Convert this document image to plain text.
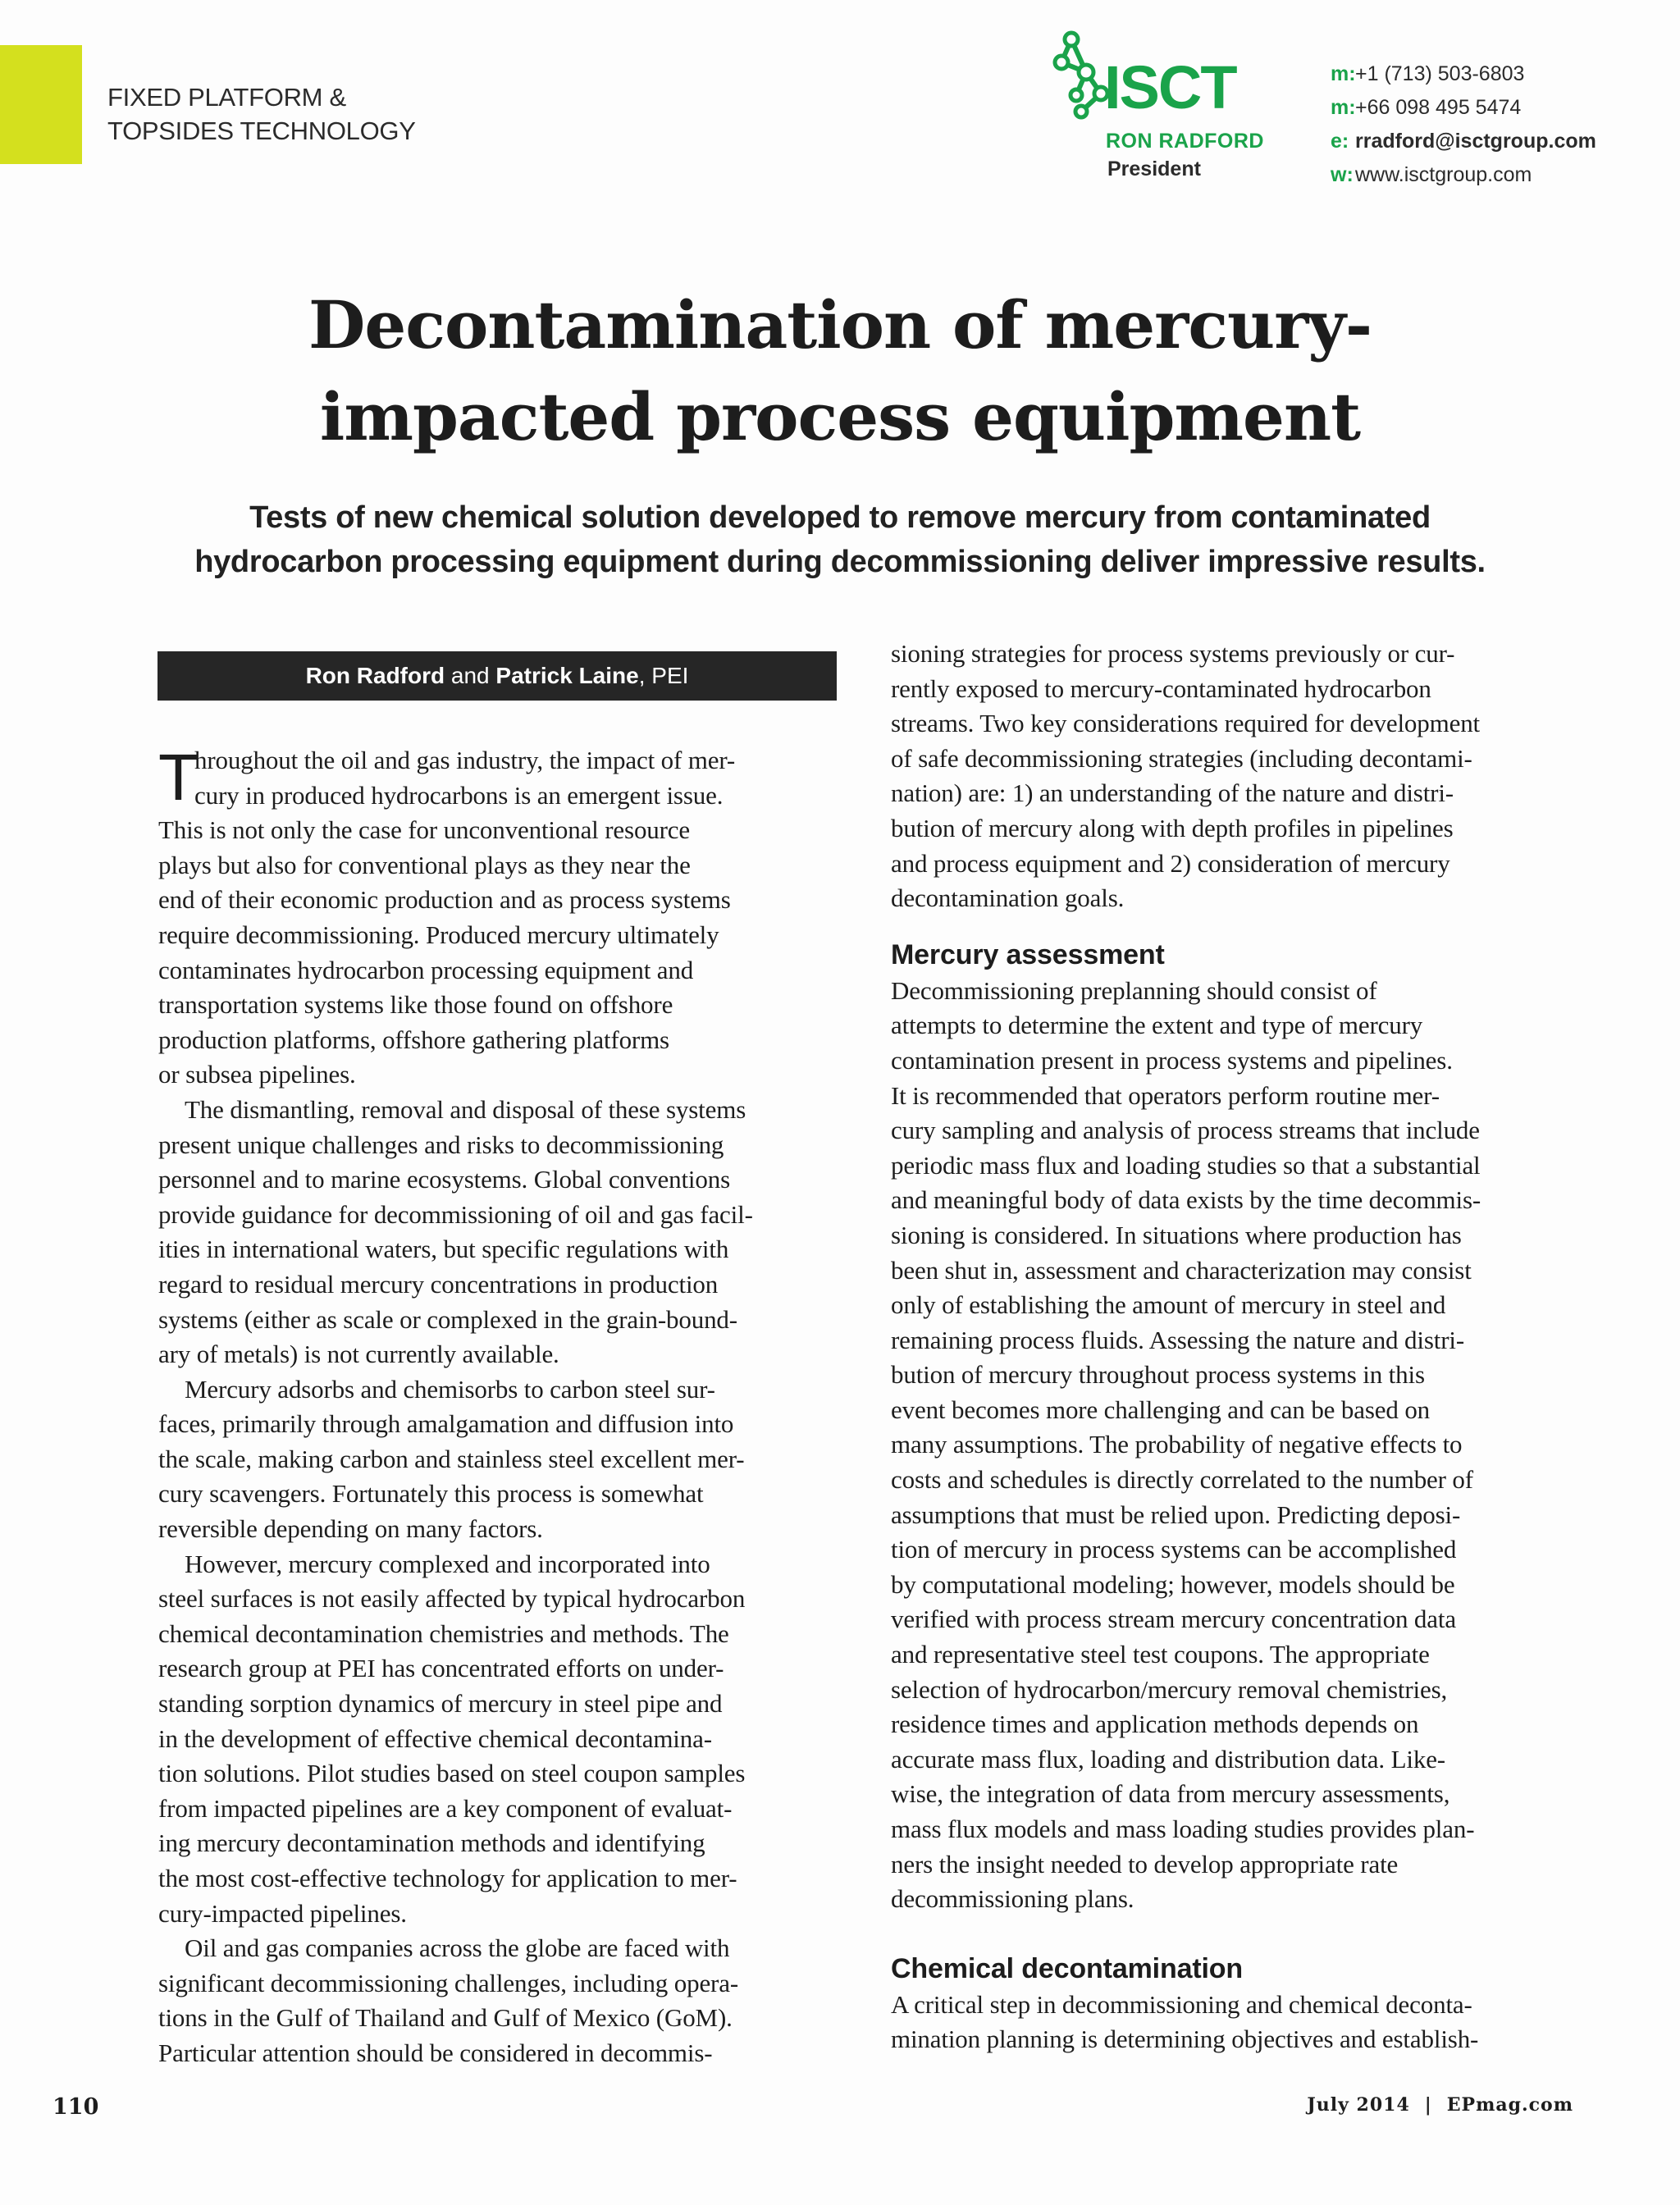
FIXED PLATFORM &
TOPSIDES TECHNOLOGY
ISCT
RON RADFORD
President
m:+1 (713) 503-6803
m:+66 098 495 5474
e: rradford@isctgroup.com
w:www.isctgroup.com
Decontamination of mercury-
impacted process equipment
Tests of new chemical solution developed to remove mercury from contaminated
hydrocarbon processing equipment during decommissioning deliver impressive results.
Ron Radford and Patrick Laine, PEI
T
hroughout the oil and gas industry, the impact of mer-
cury in produced hydrocarbons is an emergent issue.
This is not only the case for unconventional resource
plays but also for conventional plays as they near the
end of their economic production and as process systems
require decommissioning. Produced mercury ultimately
contaminates hydrocarbon processing equipment and
transportation systems like those found on offshore
production platforms, offshore gathering platforms
or subsea pipelines.
The dismantling, removal and disposal of these systems
present unique challenges and risks to decommissioning
personnel and to marine ecosystems. Global conventions
provide guidance for decommissioning of oil and gas facil-
ities in international waters, but specific regulations with
regard to residual mercury concentrations in production
systems (either as scale or complexed in the grain-bound-
ary of metals) is not currently available.
Mercury adsorbs and chemisorbs to carbon steel sur-
faces, primarily through amalgamation and diffusion into
the scale, making carbon and stainless steel excellent mer-
cury scavengers. Fortunately this process is somewhat
reversible depending on many factors.
However, mercury complexed and incorporated into
steel surfaces is not easily affected by typical hydrocarbon
chemical decontamination chemistries and methods. The
research group at PEI has concentrated efforts on under-
standing sorption dynamics of mercury in steel pipe and
in the development of effective chemical decontamina-
tion solutions. Pilot studies based on steel coupon samples
from impacted pipelines are a key component of evaluat-
ing mercury decontamination methods and identifying
the most cost-effective technology for application to mer-
cury-impacted pipelines.
Oil and gas companies across the globe are faced with
significant decommissioning challenges, including opera-
tions in the Gulf of Thailand and Gulf of Mexico (GoM).
Particular attention should be considered in decommis-
sioning strategies for process systems previously or cur-
rently exposed to mercury-contaminated hydrocarbon
streams. Two key considerations required for development
of safe decommissioning strategies (including decontami-
nation) are: 1) an understanding of the nature and distri-
bution of mercury along with depth profiles in pipelines
and process equipment and 2) consideration of mercury
decontamination goals.
Mercury assessment
Decommissioning preplanning should consist of
attempts to determine the extent and type of mercury
contamination present in process systems and pipelines.
It is recommended that operators perform routine mer-
cury sampling and analysis of process streams that include
periodic mass flux and loading studies so that a substantial
and meaningful body of data exists by the time decommis-
sioning is considered. In situations where production has
been shut in, assessment and characterization may consist
only of establishing the amount of mercury in steel and
remaining process fluids. Assessing the nature and distri-
bution of mercury throughout process systems in this
event becomes more challenging and can be based on
many assumptions. The probability of negative effects to
costs and schedules is directly correlated to the number of
assumptions that must be relied upon. Predicting deposi-
tion of mercury in process systems can be accomplished
by computational modeling; however, models should be
verified with process stream mercury concentration data
and representative steel test coupons. The appropriate
selection of hydrocarbon/mercury removal chemistries,
residence times and application methods depends on
accurate mass flux, loading and distribution data. Like-
wise, the integration of data from mercury assessments,
mass flux models and mass loading studies provides plan-
ners the insight needed to develop appropriate rate
decommissioning plans.
Chemical decontamination
A critical step in decommissioning and chemical deconta-
mination planning is determining objectives and establish-
110	July 2014 | EPmag.com
